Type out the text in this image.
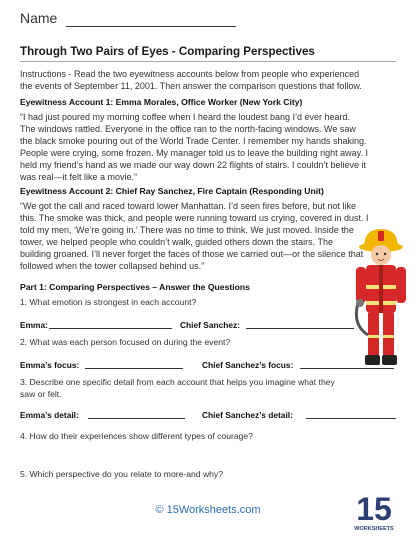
Name
Through Two Pairs of Eyes - Comparing Perspectives
Instructions - Read the two eyewitness accounts below from people who experienced
the events of September 11, 2001. Then answer the comparison questions that follow.
Eyewitness Account 1: Emma Morales, Office Worker (New York City)
“I had just poured my morning coffee when I heard the loudest bang I’d ever heard.
The windows rattled. Everyone in the office ran to the north-facing windows. We saw
the black smoke pouring out of the World Trade Center. I remember my hands shaking.
People were crying, some frozen. My manager told us to leave the building right away. I
held my friend’s hand as we made our way down 22 flights of stairs. I couldn’t believe it
was real—it felt like a movie.”
Eyewitness Account 2: Chief Ray Sanchez, Fire Captain (Responding Unit)
“We got the call and raced toward lower Manhattan. I’d seen fires before, but not like
this. The smoke was thick, and people were running toward us crying, covered in dust. I
told my men, ‘We’re going in.’ There was no time to think. We just moved. Inside the
tower, we helped people who couldn’t walk, guided others down the stairs. The
building groaned. I’ll never forget the faces of those we carried out—or the silence that
followed when the tower collapsed behind us.”
Part 1: Comparing Perspectives – Answer the Questions
1. What emotion is strongest in each account?
Emma:	Chief Sanchez:
2. What was each person focused on during the event?
Emma’s focus:	Chief Sanchez’s focus:
3. Describe one specific detail from each account that helps you imagine what they
saw or felt.
Emma’s detail:	Chief Sanchez’s detail:
4. How do their experiences show different types of courage?
5. Which perspective do you relate to more-and why?
© 15Worksheets.com	15
WORKSHEETS
